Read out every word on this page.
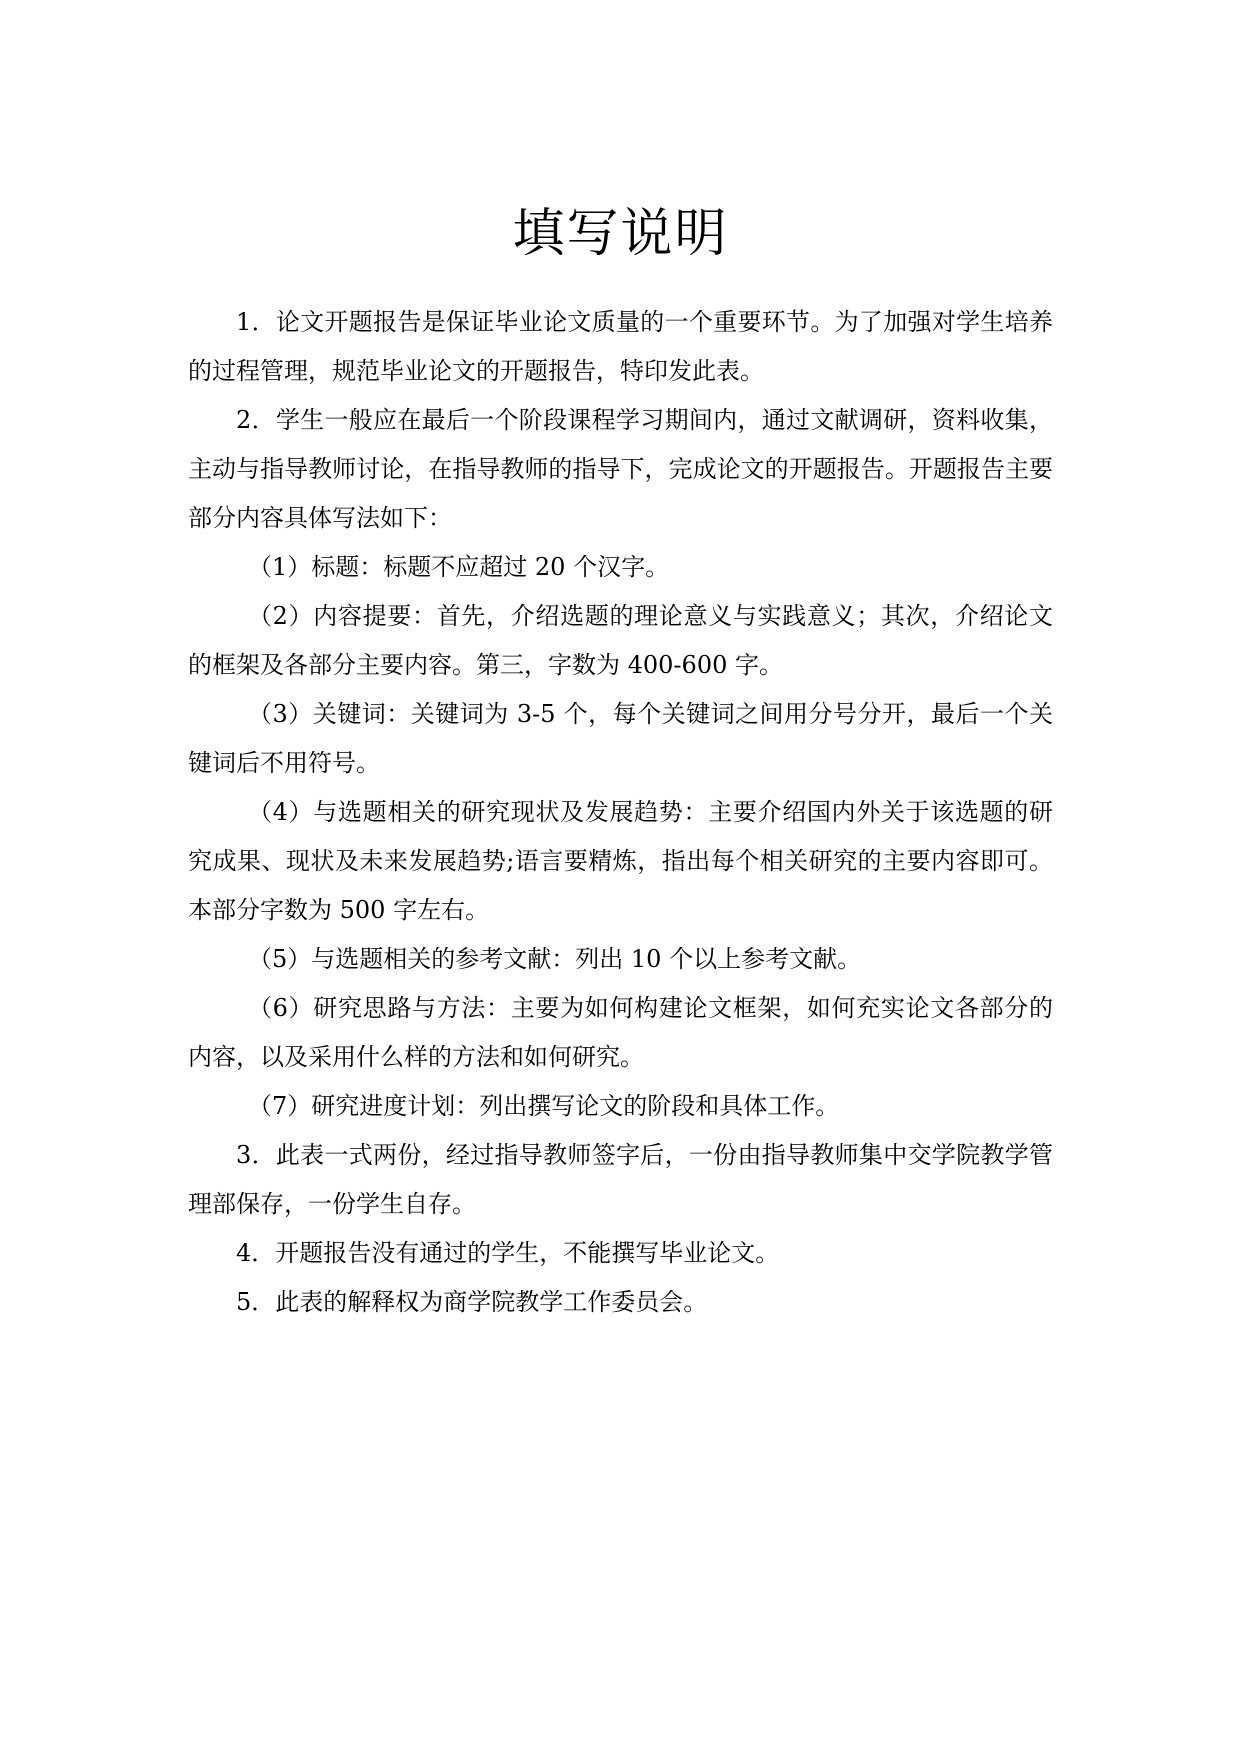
填写说明

1．论文开题报告是保证毕业论文质量的一个重要环节。为了加强对学生培养的过程管理，规范毕业论文的开题报告，特印发此表。

2．学生一般应在最后一个阶段课程学习期间内，通过文献调研，资料收集，主动与指导教师讨论，在指导教师的指导下，完成论文的开题报告。开题报告主要部分内容具体写法如下：

（1）标题：标题不应超过 20 个汉字。

（2）内容提要：首先，介绍选题的理论意义与实践意义；其次，介绍论文的框架及各部分主要内容。第三，字数为 400-600 字。

（3）关键词：关键词为 3-5 个，每个关键词之间用分号分开，最后一个关键词后不用符号。

（4）与选题相关的研究现状及发展趋势：主要介绍国内外关于该选题的研究成果、现状及未来发展趋势;语言要精炼，指出每个相关研究的主要内容即可。本部分字数为 500 字左右。

（5）与选题相关的参考文献：列出 10 个以上参考文献。

（6）研究思路与方法：主要为如何构建论文框架，如何充实论文各部分的内容，以及采用什么样的方法和如何研究。

（7）研究进度计划：列出撰写论文的阶段和具体工作。

3．此表一式两份，经过指导教师签字后，一份由指导教师集中交学院教学管理部保存，一份学生自存。

4．开题报告没有通过的学生，不能撰写毕业论文。

5．此表的解释权为商学院教学工作委员会。
